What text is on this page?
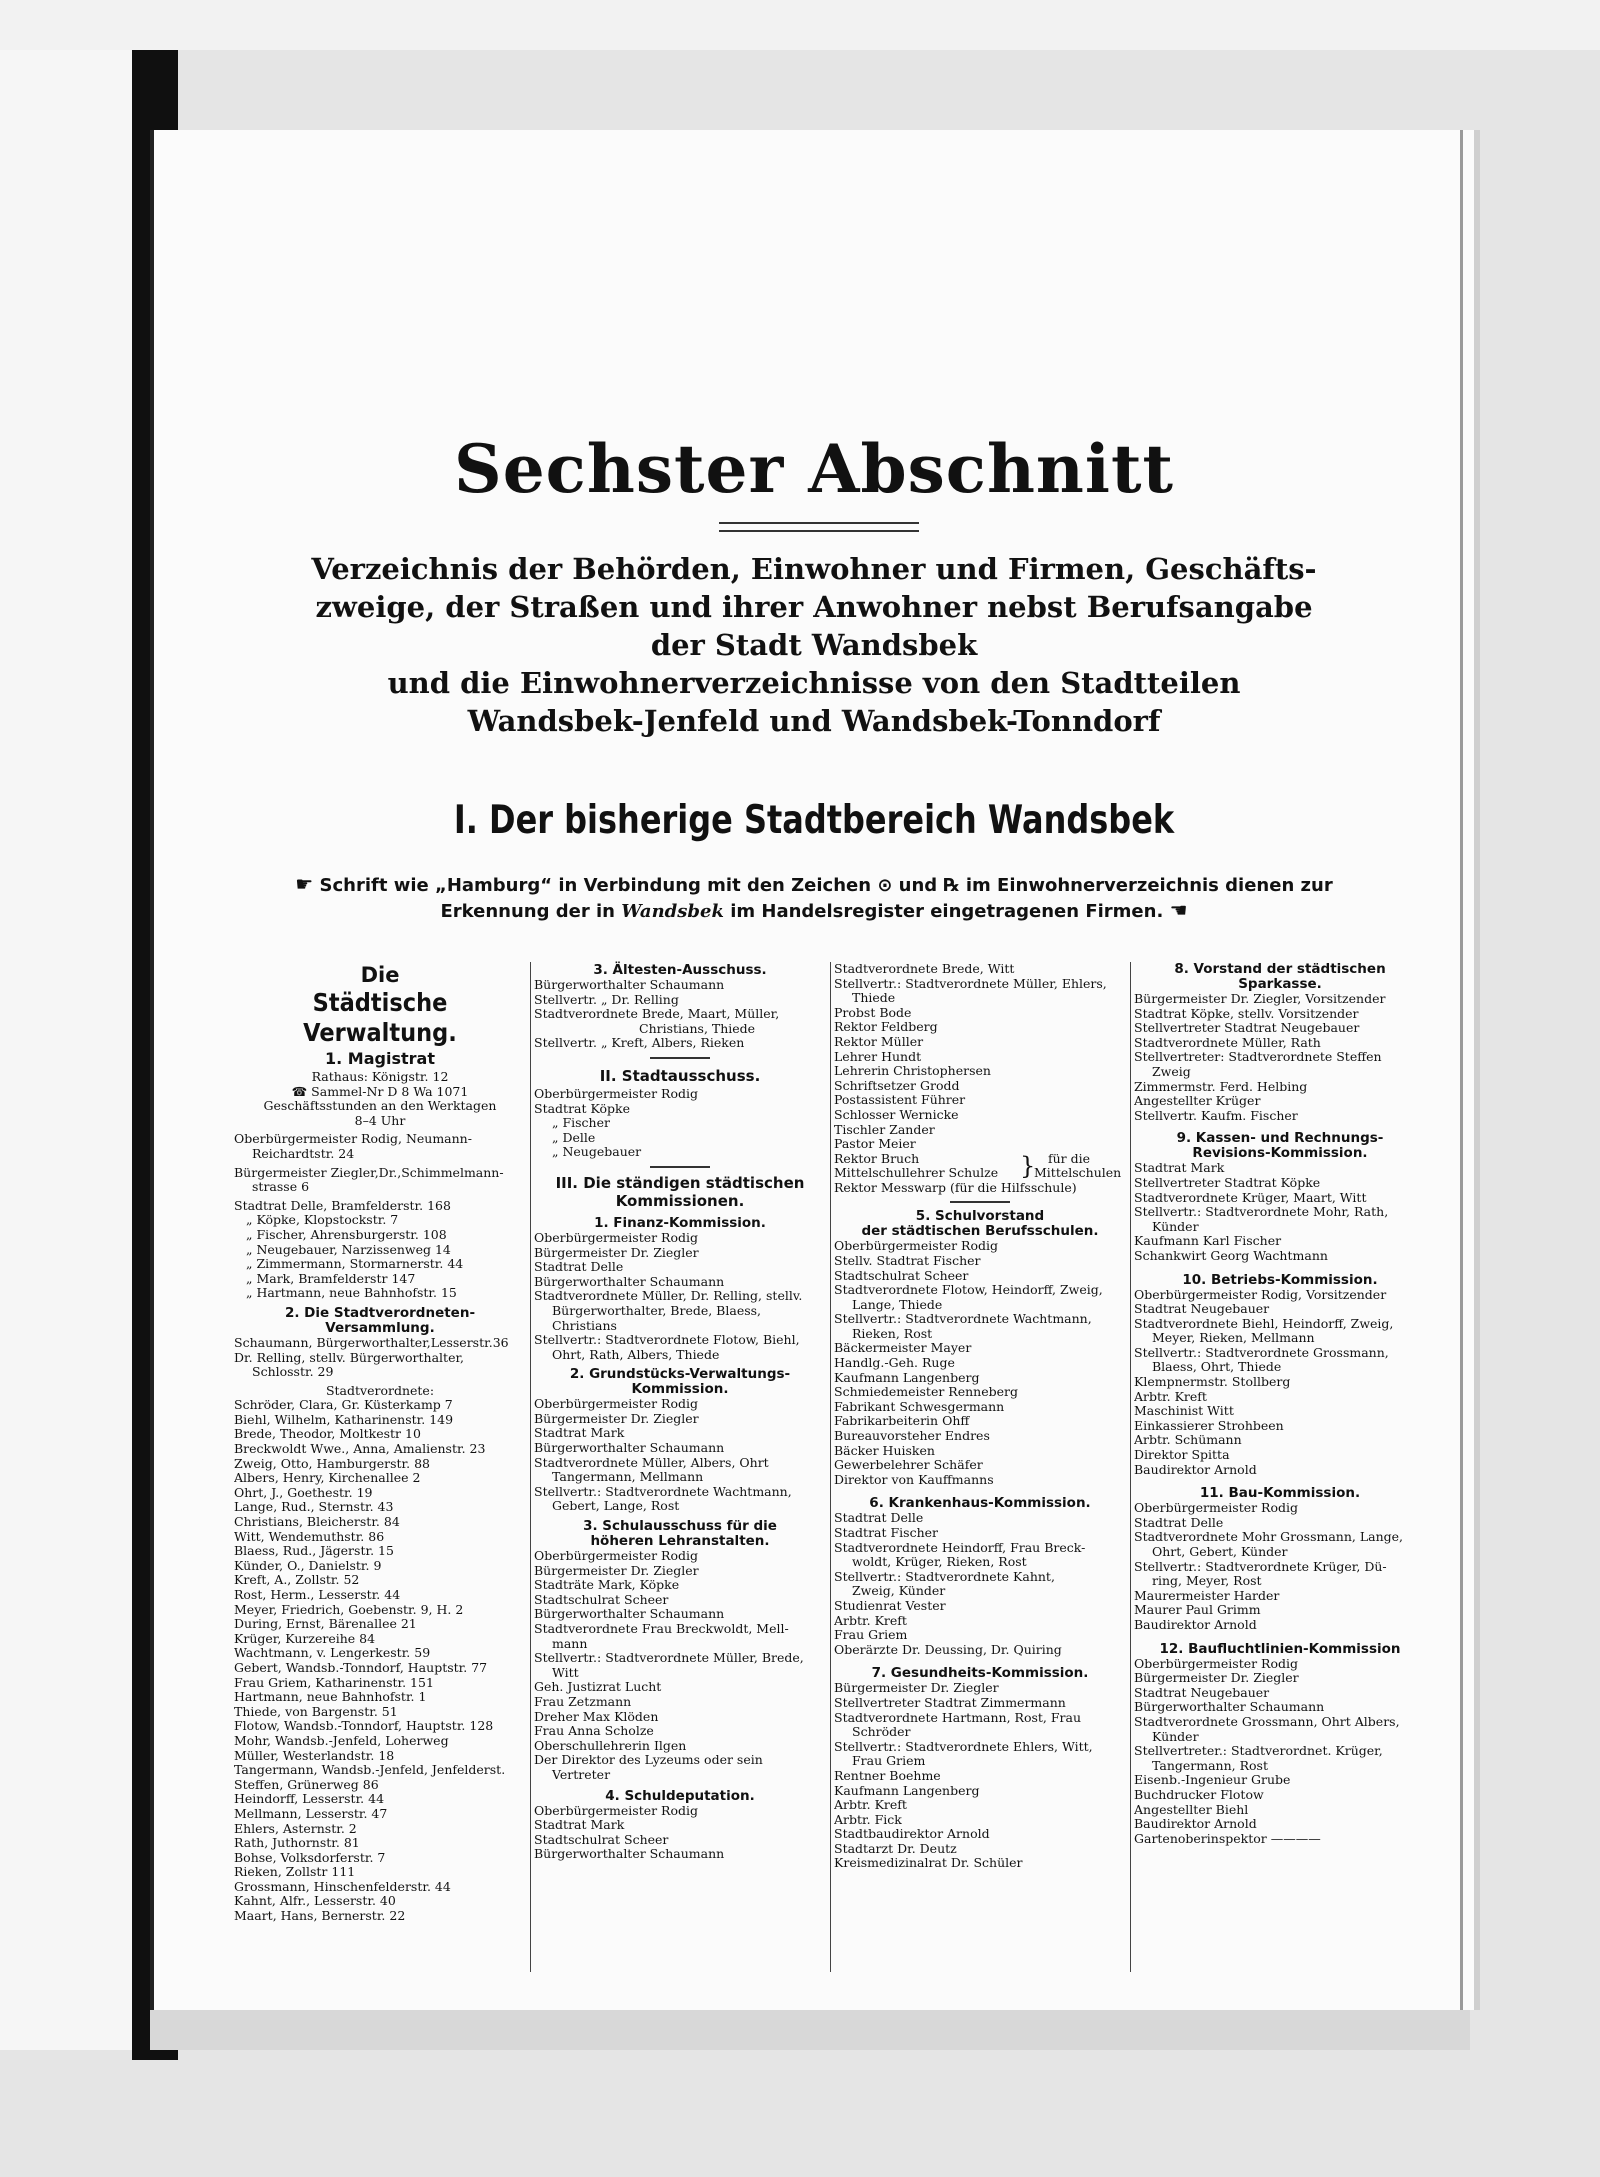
Sechster Abschnitt
Verzeichnis der Behörden, Einwohner und Firmen, Geschäfts-
zweige, der Straßen und ihrer Anwohner nebst Berufsangabe
der Stadt Wandsbek
und die Einwohnerverzeichnisse von den Stadtteilen
Wandsbek-Jenfeld und Wandsbek-Tonndorf
I. Der bisherige Stadtbereich Wandsbek
☛ Schrift wie „Hamburg“ in Verbindung mit den Zeichen ⊙ und ℞ im Einwohnerverzeichnis dienen zur
Erkennung der in Wandsbek im Handelsregister eingetragenen Firmen. ☚
Die
Städtische Verwaltung.
1. Magistrat
Rathaus: Königstr. 12
☎ Sammel-Nr D 8 Wa 1071
Geschäftsstunden an den Werktagen
8–4 Uhr
Oberbürgermeister Rodig, Neumann-
Reichardtstr. 24
Bürgermeister Ziegler,Dr.,Schimmelmann-
strasse 6
Stadtrat Delle, Bramfelderstr. 168
„ Köpke, Klopstockstr. 7
„ Fischer, Ahrensburgerstr. 108
„ Neugebauer, Narzissenweg 14
„ Zimmermann, Stormarnerstr. 44
„ Mark, Bramfelderstr 147
„ Hartmann, neue Bahnhofstr. 15
2. Die Stadtverordneten-
Versammlung.
Schaumann, Bürgerworthalter,Lesserstr.36
Dr. Relling, stellv. Bürgerworthalter,
Schlosstr. 29
Stadtverordnete:
Schröder, Clara, Gr. Küsterkamp 7
Biehl, Wilhelm, Katharinenstr. 149
Brede, Theodor, Moltkestr 10
Breckwoldt Wwe., Anna, Amalienstr. 23
Zweig, Otto, Hamburgerstr. 88
Albers, Henry, Kirchenallee 2
Ohrt, J., Goethestr. 19
Lange, Rud., Sternstr. 43
Christians, Bleicherstr. 84
Witt, Wendemuthstr. 86
Blaess, Rud., Jägerstr. 15
Künder, O., Danielstr. 9
Kreft, A., Zollstr. 52
Rost, Herm., Lesserstr. 44
Meyer, Friedrich, Goebenstr. 9, H. 2
During, Ernst, Bärenallee 21
Krüger, Kurzereihe 84
Wachtmann, v. Lengerkestr. 59
Gebert, Wandsb.-Tonndorf, Hauptstr. 77
Frau Griem, Katharinenstr. 151
Hartmann, neue Bahnhofstr. 1
Thiede, von Bargenstr. 51
Flotow, Wandsb.-Tonndorf, Hauptstr. 128
Mohr, Wandsb.-Jenfeld, Loherweg
Müller, Westerlandstr. 18
Tangermann, Wandsb.-Jenfeld, Jenfelderst.
Steffen, Grünerweg 86
Heindorff, Lesserstr. 44
Mellmann, Lesserstr. 47
Ehlers, Asternstr. 2
Rath, Juthornstr. 81
Bohse, Volksdorferstr. 7
Rieken, Zollstr 111
Grossmann, Hinschenfelderstr. 44
Kahnt, Alfr., Lesserstr. 40
Maart, Hans, Bernerstr. 22
3. Ältesten-Ausschuss.
Bürgerworthalter Schaumann
Stellvertr. „ Dr. Relling
Stadtverordnete Brede, Maart, Müller,
Christians, Thiede
Stellvertr. „ Kreft, Albers, Rieken
II. Stadtausschuss.
Oberbürgermeister Rodig
Stadtrat Köpke
„ Fischer
„ Delle
„ Neugebauer
III. Die ständigen städtischen
Kommissionen.
1. Finanz-Kommission.
Oberbürgermeister Rodig
Bürgermeister Dr. Ziegler
Stadtrat Delle
Bürgerworthalter Schaumann
Stadtverordnete Müller, Dr. Relling, stellv.
Bürgerworthalter, Brede, Blaess,
Christians
Stellvertr.: Stadtverordnete Flotow, Biehl,
Ohrt, Rath, Albers, Thiede
2. Grundstücks-Verwaltungs-
Kommission.
Oberbürgermeister Rodig
Bürgermeister Dr. Ziegler
Stadtrat Mark
Bürgerworthalter Schaumann
Stadtverordnete Müller, Albers, Ohrt
Tangermann, Mellmann
Stellvertr.: Stadtverordnete Wachtmann,
Gebert, Lange, Rost
3. Schulausschuss für die
höheren Lehranstalten.
Oberbürgermeister Rodig
Bürgermeister Dr. Ziegler
Stadträte Mark, Köpke
Stadtschulrat Scheer
Bürgerworthalter Schaumann
Stadtverordnete Frau Breckwoldt, Mell-
mann
Stellvertr.: Stadtverordnete Müller, Brede,
Witt
Geh. Justizrat Lucht
Frau Zetzmann
Dreher Max Klöden
Frau Anna Scholze
Oberschullehrerin Ilgen
Der Direktor des Lyzeums oder sein
Vertreter
4. Schuldeputation.
Oberbürgermeister Rodig
Stadtrat Mark
Stadtschulrat Scheer
Bürgerworthalter Schaumann
Stadtverordnete Brede, Witt
Stellvertr.: Stadtverordnete Müller, Ehlers,
Thiede
Probst Bode
Rektor Feldberg
Rektor Müller
Lehrer Hundt
Lehrerin Christophersen
Schriftsetzer Grodd
Postassistent Führer
Schlosser Wernicke
Tischler Zander
Pastor Meier
Rektor Bruch
Mittelschullehrer Schulze } für die
Mittelschulen
Rektor Messwarp (für die Hilfsschule)
5. Schulvorstand
der städtischen Berufsschulen.
Oberbürgermeister Rodig
Stellv. Stadtrat Fischer
Stadtschulrat Scheer
Stadtverordnete Flotow, Heindorff, Zweig,
Lange, Thiede
Stellvertr.: Stadtverordnete Wachtmann,
Rieken, Rost
Bäckermeister Mayer
Handlg.-Geh. Ruge
Kaufmann Langenberg
Schmiedemeister Renneberg
Fabrikant Schwesgermann
Fabrikarbeiterin Ohff
Bureauvorsteher Endres
Bäcker Huisken
Gewerbelehrer Schäfer
Direktor von Kauffmanns
6. Krankenhaus-Kommission.
Stadtrat Delle
Stadtrat Fischer
Stadtverordnete Heindorff, Frau Breck-
woldt, Krüger, Rieken, Rost
Stellvertr.: Stadtverordnete Kahnt,
Zweig, Künder
Studienrat Vester
Arbtr. Kreft
Frau Griem
Oberärzte Dr. Deussing, Dr. Quiring
7. Gesundheits-Kommission.
Bürgermeister Dr. Ziegler
Stellvertreter Stadtrat Zimmermann
Stadtverordnete Hartmann, Rost, Frau
Schröder
Stellvertr.: Stadtverordnete Ehlers, Witt,
Frau Griem
Rentner Boehme
Kaufmann Langenberg
Arbtr. Kreft
Arbtr. Fick
Stadtbaudirektor Arnold
Stadtarzt Dr. Deutz
Kreismedizinalrat Dr. Schüler
8. Vorstand der städtischen
Sparkasse.
Bürgermeister Dr. Ziegler, Vorsitzender
Stadtrat Köpke, stellv. Vorsitzender
Stellvertreter Stadtrat Neugebauer
Stadtverordnete Müller, Rath
Stellvertreter: Stadtverordnete Steffen
Zweig
Zimmermstr. Ferd. Helbing
Angestellter Krüger
Stellvertr. Kaufm. Fischer
9. Kassen- und Rechnungs-
Revisions-Kommission.
Stadtrat Mark
Stellvertreter Stadtrat Köpke
Stadtverordnete Krüger, Maart, Witt
Stellvertr.: Stadtverordnete Mohr, Rath,
Künder
Kaufmann Karl Fischer
Schankwirt Georg Wachtmann
10. Betriebs-Kommission.
Oberbürgermeister Rodig, Vorsitzender
Stadtrat Neugebauer
Stadtverordnete Biehl, Heindorff, Zweig,
Meyer, Rieken, Mellmann
Stellvertr.: Stadtverordnete Grossmann,
Blaess, Ohrt, Thiede
Klempnermstr. Stollberg
Arbtr. Kreft
Maschinist Witt
Einkassierer Strohbeen
Arbtr. Schümann
Direktor Spitta
Baudirektor Arnold
11. Bau-Kommission.
Oberbürgermeister Rodig
Stadtrat Delle
Stadtverordnete Mohr Grossmann, Lange,
Ohrt, Gebert, Künder
Stellvertr.: Stadtverordnete Krüger, Dü-
ring, Meyer, Rost
Maurermeister Harder
Maurer Paul Grimm
Baudirektor Arnold
12. Baufluchtlinien-Kommission
Oberbürgermeister Rodig
Bürgermeister Dr. Ziegler
Stadtrat Neugebauer
Bürgerworthalter Schaumann
Stadtverordnete Grossmann, Ohrt Albers,
Künder
Stellvertreter.: Stadtverordnet. Krüger,
Tangermann, Rost
Eisenb.-Ingenieur Grube
Buchdrucker Flotow
Angestellter Biehl
Baudirektor Arnold
Gartenoberinspektor ————
